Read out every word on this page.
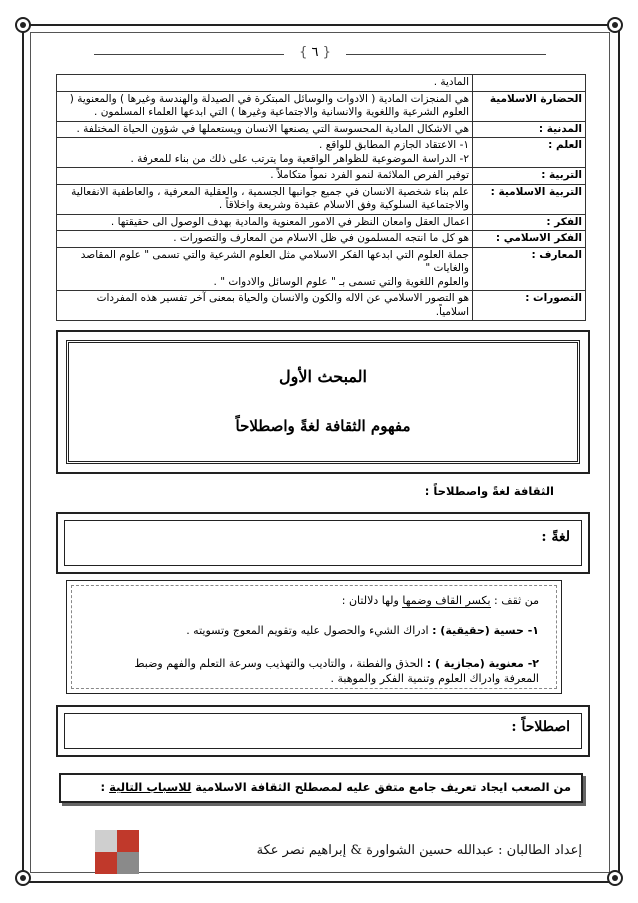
{ ٦ }
	المادية .
الحضارة الاسلامية	هي المنجزات المادية ( الادوات والوسائل المبتكرة في الصيدلة والهندسة وغيرها ) والمعنوية ( العلوم الشرعية واللغوية والانسانية والاجتماعية وغيرها ) التي ابدعها العلماء المسلمون .
المدنية :	هي الاشكال المادية المحسوسة التي يصنعها الانسان ويستعملها في شؤون الحياة المختلفة .
العلم :	١- الاعتقاد الجازم المطابق للواقع .
٢- الدراسة الموضوعية للظواهر الواقعية وما يترتب على ذلك من بناء للمعرفة .
التربية :	توفير الفرص الملائمة لنمو الفرد نمواً متكاملاً .
التربية الاسلامية :	علم بناء شخصية الانسان في جميع جوانبها الجسمية ، والعقلية المعرفية ، والعاطفية الانفعالية والاجتماعية السلوكية وفق الاسلام عقيدة وشريعة واخلاقاً .
الفكر :	اعمال العقل وامعان النظر في الامور المعنوية والمادية بهدف الوصول الى حقيقتها .
الفكر الاسلامي :	هو كل ما انتجه المسلمون في ظل الاسلام من المعارف والتصورات .
المعارف :	جملة العلوم التي ابدعها الفكر الاسلامي مثل العلوم الشرعية والتي تسمى " علوم المقاصد والغايات "
والعلوم اللغوية والتي تسمى بـ " علوم الوسائل والادوات " .
التصورات :	هو التصور الاسلامي عن الاله والكون والانسان والحياة بمعنى آخر تفسير هذه المفردات اسلامياً.
المبحث الأول
مفهوم الثقافة لغةً واصطلاحاً
الثقافة لغةً واصطلاحاً :
لغةً :
من ثقف : بكسر القاف وضمها ولها دلالتان :
١- حسية (حقيقية) : ادراك الشيء والحصول عليه وتقويم المعوج وتسويته .
٢- معنوية (مجازية ) : الحذق والفطنة ، والتاديب والتهذيب وسرعة التعلم والفهم وضبط المعرفة وادراك العلوم وتنمية الفكر والموهبة .
اصطلاحاً :
من الصعب ايجاد تعريف جامع متفق عليه لمصطلح الثقافة الاسلامية للاسباب التالية :
إعداد الطالبان : عبدالله حسين الشواورة & إبراهيم نصر عكة
